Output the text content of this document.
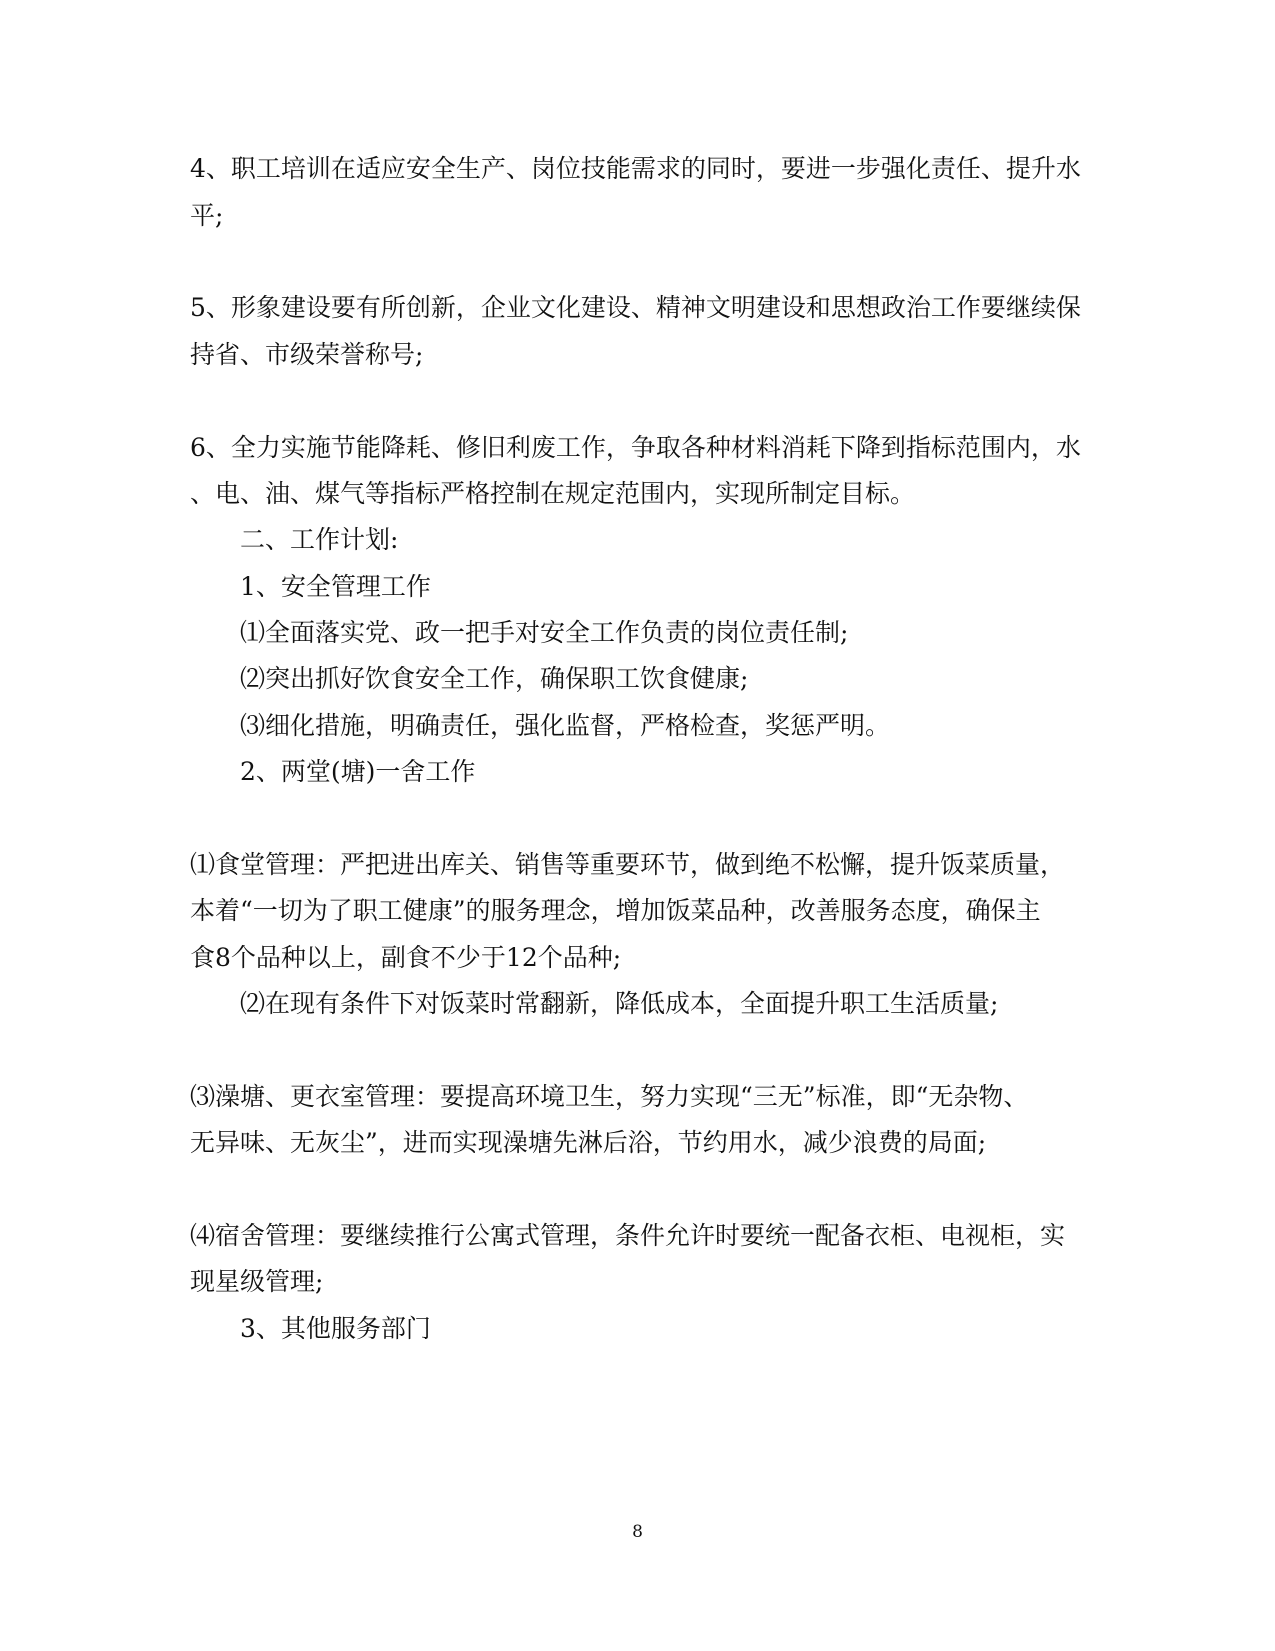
4、职工培训在适应安全生产、岗位技能需求的同时，要进一步强化责任、提升水

平;

5、形象建设要有所创新，企业文化建设、精神文明建设和思想政治工作要继续保

持省、市级荣誉称号;

6、全力实施节能降耗、修旧利废工作，争取各种材料消耗下降到指标范围内，水

、电、油、煤气等指标严格控制在规定范围内，实现所制定目标。

二、工作计划:

1、安全管理工作

⑴全面落实党、政一把手对安全工作负责的岗位责任制;

⑵突出抓好饮食安全工作，确保职工饮食健康;

⑶细化措施，明确责任，强化监督，严格检查，奖惩严明。

2、两堂(塘)一舍工作

⑴食堂管理：严把进出库关、销售等重要环节，做到绝不松懈，提升饭菜质量，

本着“一切为了职工健康”的服务理念，增加饭菜品种，改善服务态度，确保主

食8个品种以上，副食不少于12个品种;

⑵在现有条件下对饭菜时常翻新，降低成本，全面提升职工生活质量;

⑶澡塘、更衣室管理：要提高环境卫生，努力实现“三无”标准，即“无杂物、

无异味、无灰尘”，进而实现澡塘先淋后浴，节约用水，减少浪费的局面;

⑷宿舍管理：要继续推行公寓式管理，条件允许时要统一配备衣柜、电视柜，实

现星级管理;

3、其他服务部门

8
